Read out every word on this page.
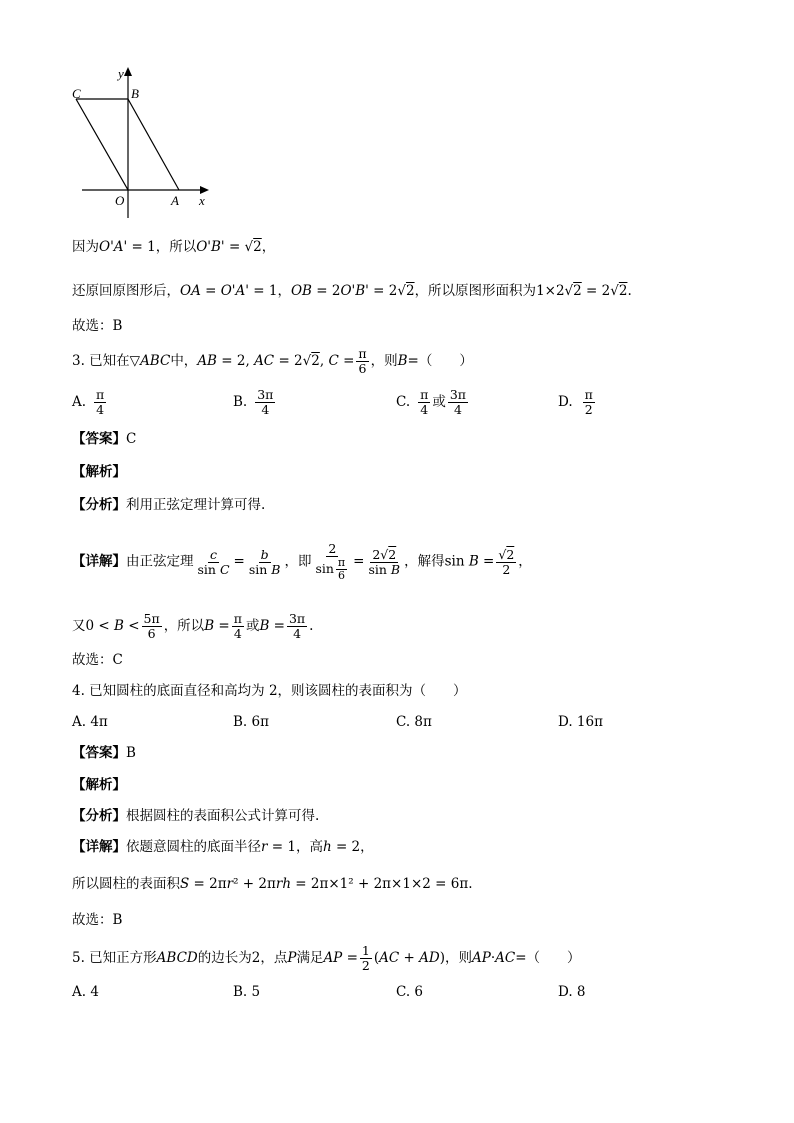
y
C	B
O	A x
因为O'A' = 1，所以O'B' = √2，
还原回原图形后，OA = O'A' = 1，OB = 2O'B' = 2√2，所以原图形面积为1×2√2 = 2√2.
故选：B
3. 已知在▽ABC中，AB = 2, AC = 2√2, $C = \frac{\pi}{6}$ ，则B=（　　）
A. $\frac{\pi}{4}$	B. $\frac{3\pi}{4}$	C. $\frac{\pi}{4}$ 或 $\frac{3\pi}{4}$	D. $\frac{\pi}{2}$
【答案】C
【解析】
【分析】利用正弦定理计算可得.
【详解】由正弦定理 $\frac{c}{\text{sin C}} = \frac{b}{\text{sin B}}$ ，即 $\frac{2}{\sin \frac{\pi}{6}} = \frac{2√2}{\text{sin B}}$ ，解得$\sin B = \frac{√2}{2}$ ，
又$0 < B < \frac{5\pi}{6}$ ，所以$B = \frac{\pi}{4}$ 或$B = \frac{3\pi}{4}$ .
故选：C
4. 已知圆柱的底面直径和高均为 2，则该圆柱的表面积为（　　）
A. 4π	B. 6π	C. 8π	D. 16π
【答案】B
【解析】
【分析】根据圆柱的表面积公式计算可得.
【详解】依题意圆柱的底面半径r = 1，高h = 2，
所以圆柱的表面积S = 2πr² + 2πrh = 2π×1² + 2π×1×2 = 6π.
故选：B
5. 已知正方形ABCD的边长为2，点P满足AP = $\frac{1}{2} (AC + AD)$，则AP·AC=（　　）
A. 4	B. 5	C. 6	D. 8
